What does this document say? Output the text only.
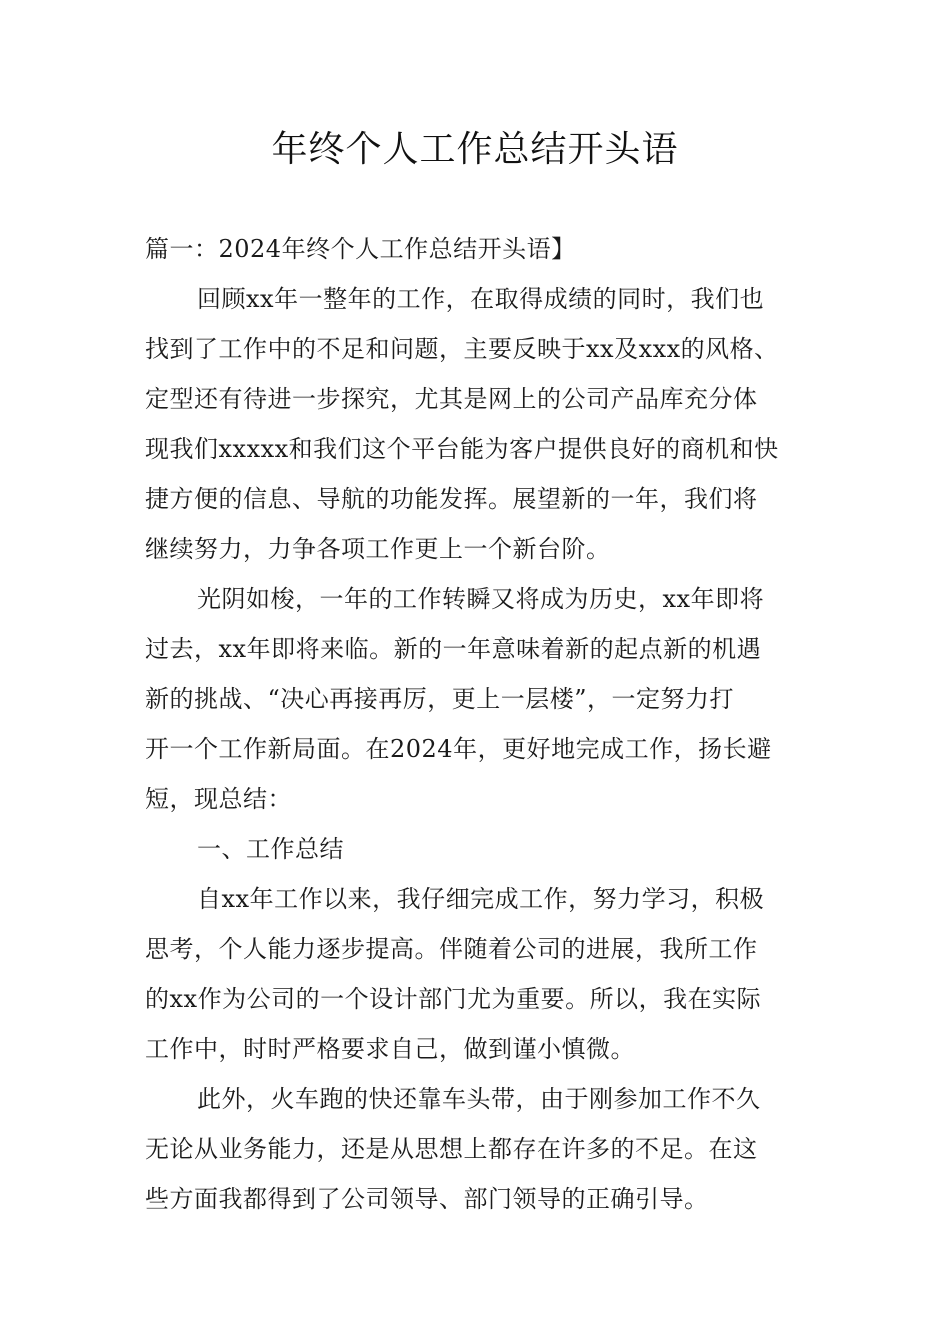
年终个人工作总结开头语
篇一：2024年终个人工作总结开头语】
回顾xx年一整年的工作，在取得成绩的同时，我们也
找到了工作中的不足和问题，主要反映于xx及xxx的风格、
定型还有待进一步探究，尤其是网上的公司产品库充分体
现我们xxxxx和我们这个平台能为客户提供良好的商机和快
捷方便的信息、导航的功能发挥。展望新的一年，我们将
继续努力，力争各项工作更上一个新台阶。
光阴如梭，一年的工作转瞬又将成为历史，xx年即将
过去，xx年即将来临。新的一年意味着新的起点新的机遇
新的挑战、“决心再接再厉，更上一层楼”，一定努力打
开一个工作新局面。在2024年，更好地完成工作，扬长避
短，现总结：
一、工作总结
自xx年工作以来，我仔细完成工作，努力学习，积极
思考，个人能力逐步提高。伴随着公司的进展，我所工作
的xx作为公司的一个设计部门尤为重要。所以，我在实际
工作中，时时严格要求自己，做到谨小慎微。
此外，火车跑的快还靠车头带，由于刚参加工作不久
无论从业务能力，还是从思想上都存在许多的不足。在这
些方面我都得到了公司领导、部门领导的正确引导。
